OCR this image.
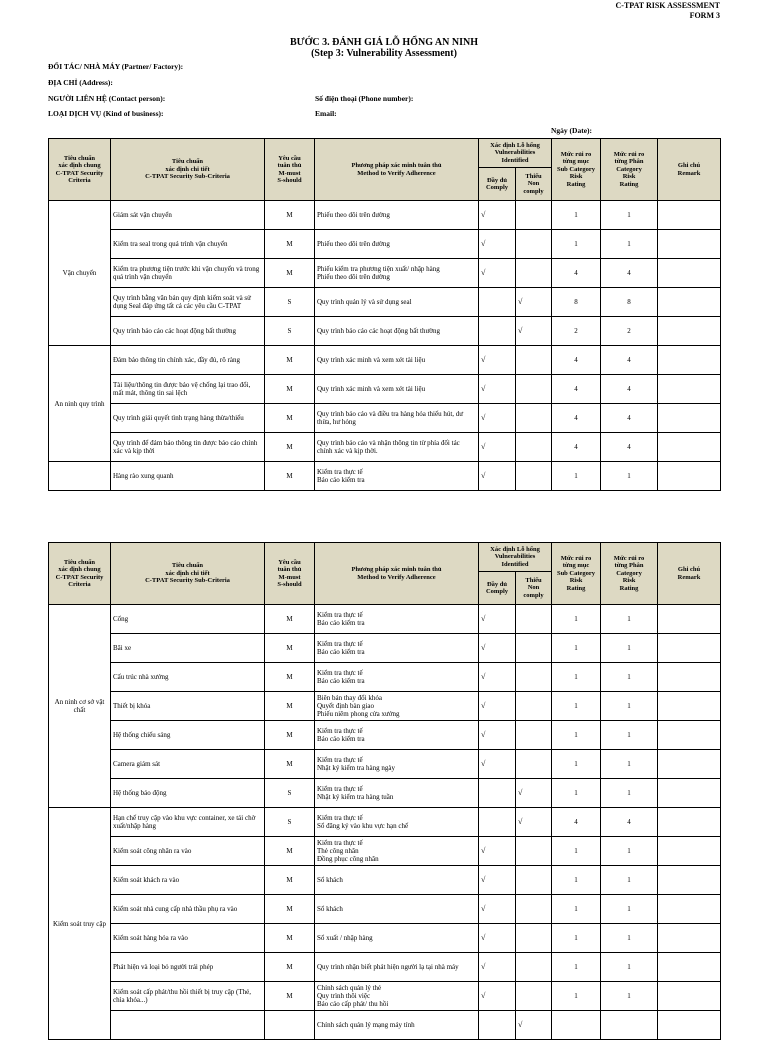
C-TPAT RISK ASSESSMENT
FORM 3
BƯỚC 3. ĐÁNH GIÁ LỖ HỔNG AN NINH
(Step 3: Vulnerability Assessment)
ĐỐI TÁC/ NHÀ MÁY (Partner/ Factory):
ĐỊA CHỈ (Address):
NGƯỜI LIÊN HỆ (Contact person):	Số điện thoại (Phone number):
LOẠI DỊCH VỤ (Kind of business):	Email:
Ngày (Date):
Tiêu chuẩn
xác định chung
C-TPAT Security
Criteria	Tiêu chuẩn
xác định chi tiết
C-TPAT Security Sub-Criteria	Yêu cầu
tuân thủ
M-must
S-should	Phương pháp xác minh tuân thủ
Method to Verify Adherence	Xác định Lỗ hổng
Vulnerabilities
Identified		Mức rủi ro
từng mục
Sub Category
Risk
Rating	Mức rủi ro
từng Phân
Category
Risk
Rating	Ghi chú
Remark

				Đầy đủ
Comply	Thiếu
Non
comply			

Vận chuyển	Giám sát vận chuyển	M	Phiếu theo dõi trên đường	√		1	1	

	Kiểm tra seal trong quá trình vận chuyển	M	Phiếu theo dõi trên đường	√		1	1	

	Kiểm tra phương tiện trước khi vận chuyển và trong
quá trình vận chuyển	M	Phiếu kiểm tra phương tiện xuất/ nhập hàng
Phiếu theo dõi trên đường	√		4	4	

	Quy trình bằng văn bản quy định kiểm soát và sử
dụng Seal đáp ứng tất cả các yêu cầu C-TPAT	S	Quy trình quản lý và sử dụng seal		√	8	8	

	Quy trình báo cáo các hoạt động bất thường	S	Quy trình báo cáo các hoạt động bất thường		√	2	2	
An ninh quy trình	Đảm bảo thông tin chính xác, đầy đủ, rõ ràng	M	Quy trình xác minh và xem xét tài liệu	√		4	4	

	Tài liệu/thông tin được bảo vệ chống lại trao đổi,
mất mát, thông tin sai lệch	M	Quy trình xác minh và xem xét tài liệu	√		4	4	

	Quy trình giải quyết tình trạng hàng thừa/thiếu	M	Quy trình báo cáo và điều tra hàng hóa thiếu hút, dư
thừa, hư hỏng	√		4	4	

	Quy trình để đảm bảo thông tin được báo cáo chính
xác và kịp thời	M	Quy trình báo cáo và nhận thông tin từ phía đối tác
chính xác và kịp thời.	√		4	4	

	Hàng rào xung quanh	M	Kiểm tra thực tế
Báo cáo kiểm tra	√		1	1	
Tiêu chuẩn
xác định chung
C-TPAT Security
Criteria	Tiêu chuẩn
xác định chi tiết
C-TPAT Security Sub-Criteria	Yêu cầu
tuân thủ
M-must
S-should	Phương pháp xác minh tuân thủ
Method to Verify Adherence	Xác định Lỗ hổng
Vulnerabilities
Identified		Mức rủi ro
từng mục
Sub Category
Risk
Rating	Mức rủi ro
từng Phân
Category
Risk
Rating	Ghi chú
Remark

				Đầy đủ
Comply	Thiếu
Non
comply			

An ninh cơ sở vật chất	Cổng	M	Kiểm tra thực tế
Báo cáo kiểm tra	√		1	1	

	Bãi xe	M	Kiểm tra thực tế
Báo cáo kiểm tra	√		1	1	

	Cấu trúc nhà xưởng	M	Kiểm tra thực tế
Báo cáo kiểm tra	√		1	1	

	Thiết bị khóa	M	Biên bản thay đổi khóa
Quyết định bàn giao
Phiếu niêm phong cửa xưởng	√		1	1	

	Hệ thống chiếu sáng	M	Kiểm tra thực tế
Báo cáo kiểm tra	√		1	1	

	Camera giám sát	M	Kiểm tra thực tế
Nhật ký kiểm tra hàng ngày	√		1	1	

	Hệ thống báo động	S	Kiểm tra thực tế
Nhật ký kiểm tra hàng tuần		√	1	1	
Kiểm soát truy cập	Hạn chế truy cập vào khu vực container, xe tải chờ
xuất/nhập hàng	S	Kiểm tra thực tế
Sổ đăng ký vào khu vực hạn chế		√	4	4	

	Kiểm soát công nhân ra vào	M	Kiểm tra thực tế
Thẻ công nhân
Đồng phục công nhân	√		1	1	

	Kiểm soát khách ra vào	M	Sổ khách	√		1	1	

	Kiểm soát nhà cung cấp nhà thầu phụ ra vào	M	Sổ khách	√		1	1	

	Kiểm soát hàng hóa ra vào	M	Sổ xuất / nhập hàng	√		1	1	

	Phát hiện và loại bỏ người trái phép	M	Quy trình nhận biết phát hiện người lạ tại nhà máy	√		1	1	

	Kiểm soát cấp phát/thu hồi thiết bị truy cập (Thẻ,
chìa khóa...)	M	Chính sách quản lý thẻ
Quy trình thôi việc
Báo cáo cấp phát/ thu hồi	√		1	1	

			Chính sách quản lý mạng máy tính		√			
